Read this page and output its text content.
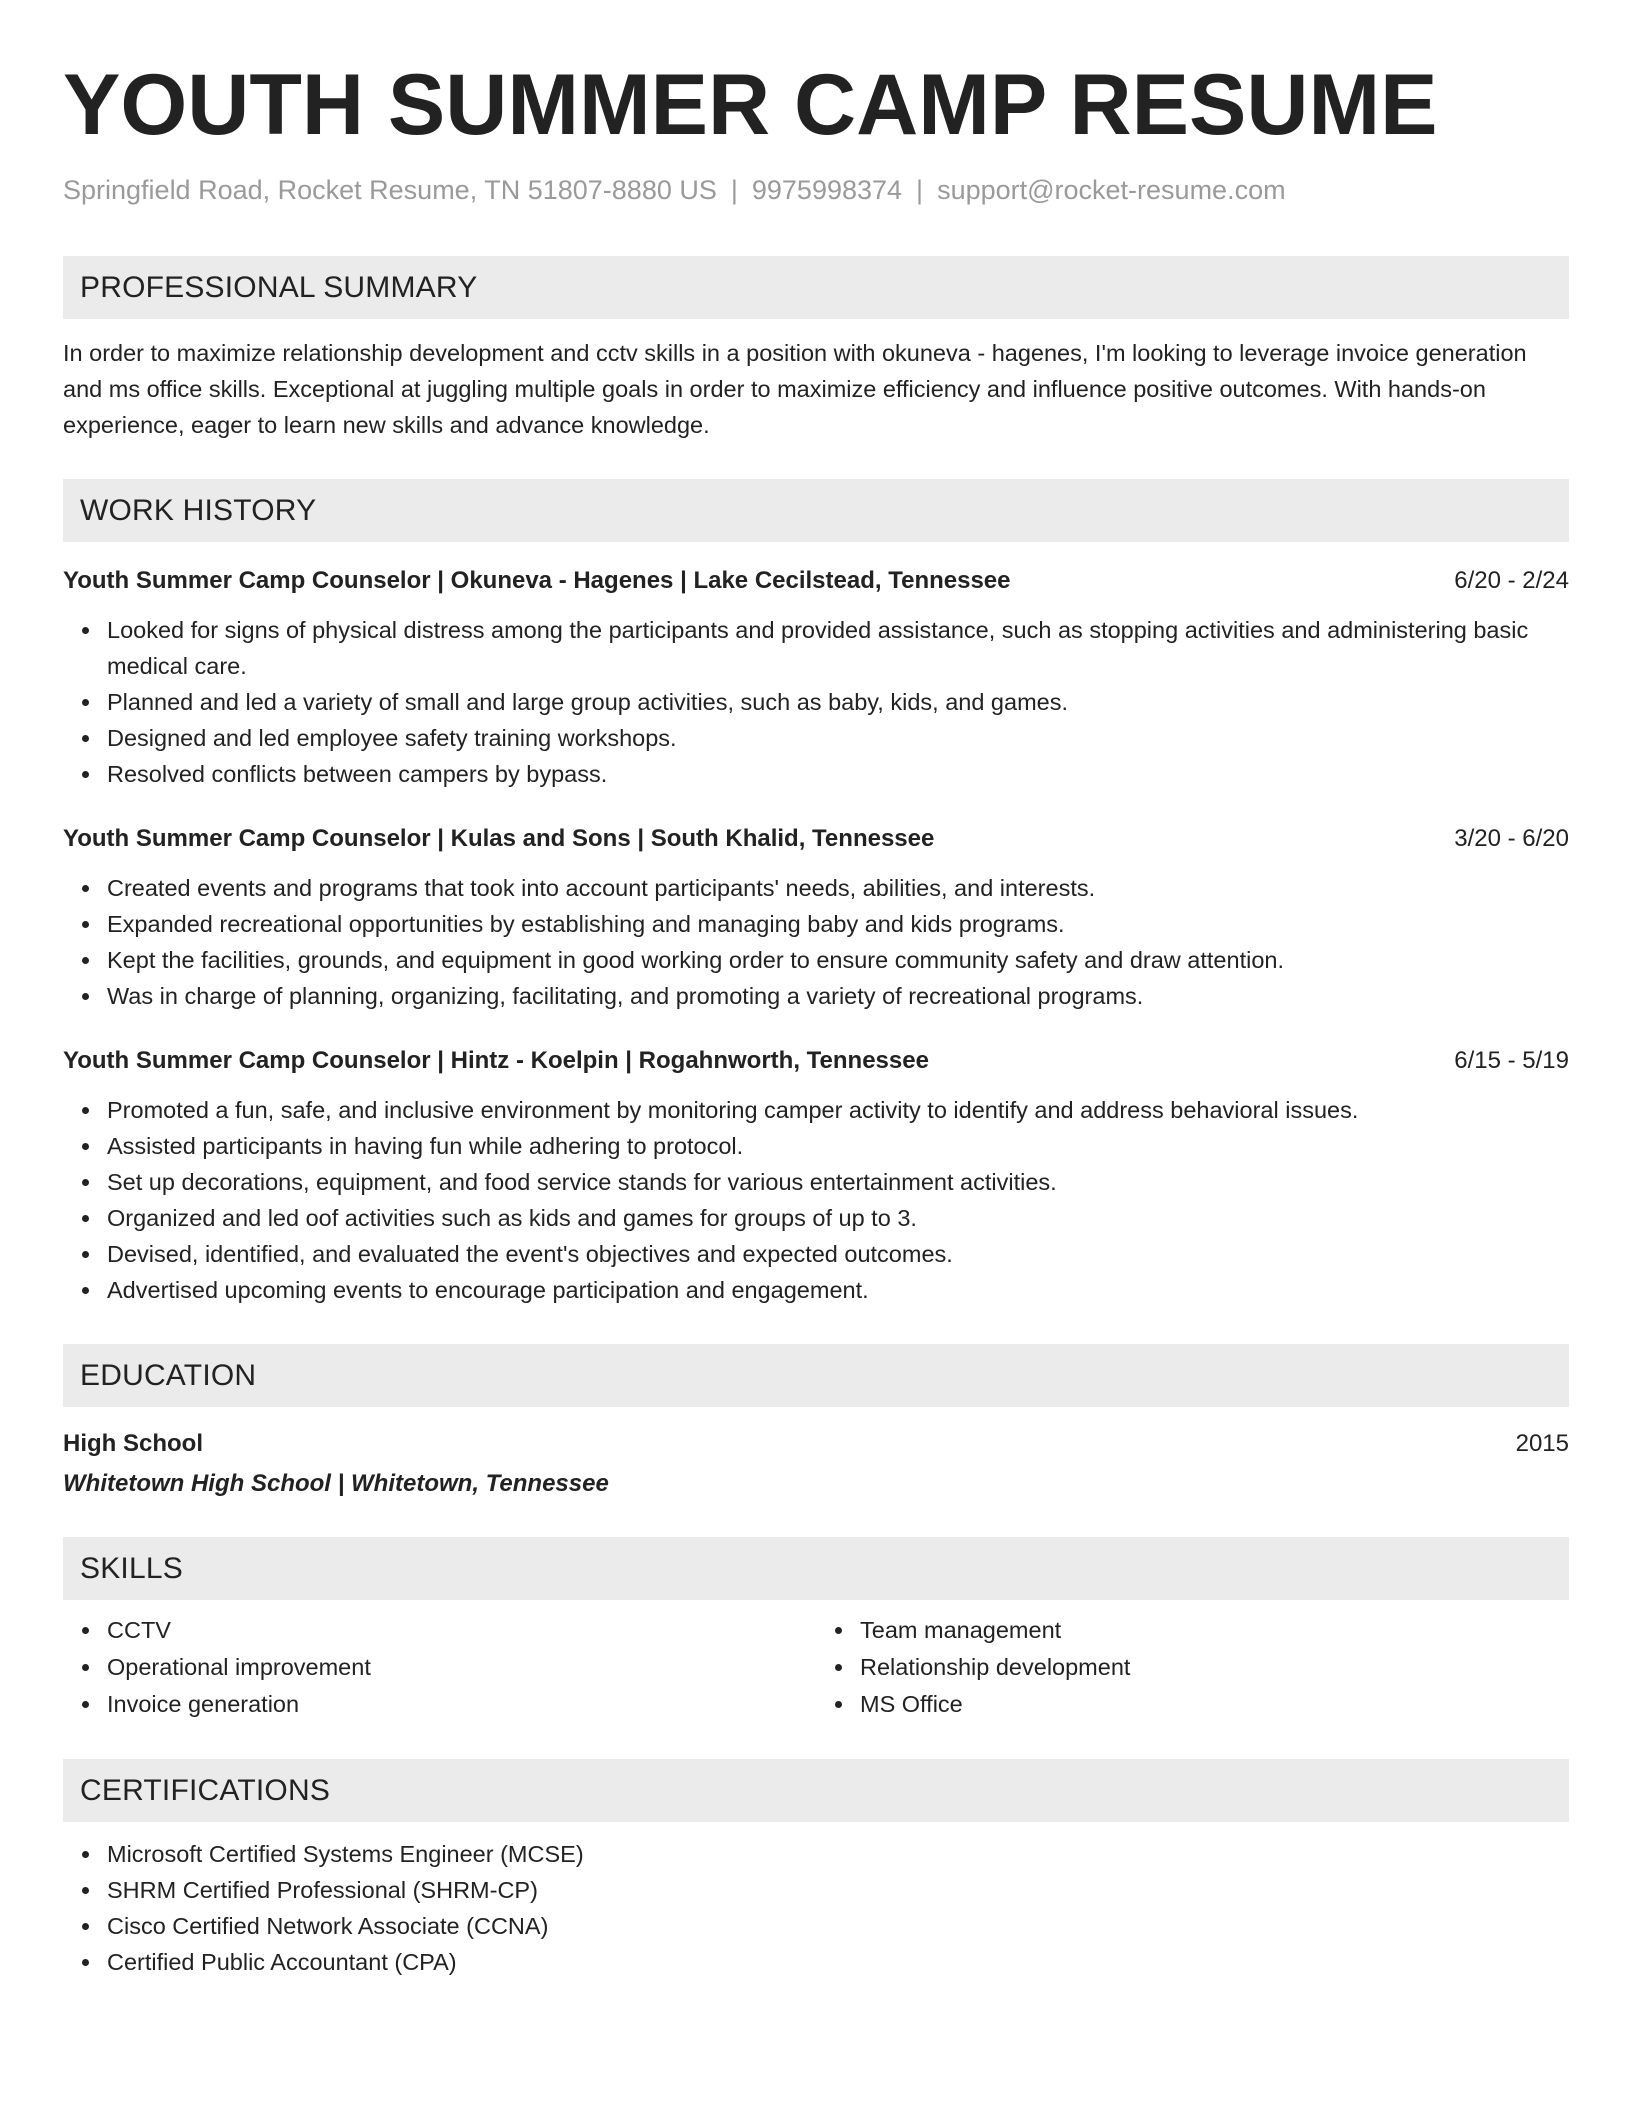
YOUTH SUMMER CAMP RESUME
Springfield Road, Rocket Resume, TN 51807-8880 US | 9975998374 | support@rocket-resume.com
PROFESSIONAL SUMMARY
In order to maximize relationship development and cctv skills in a position with okuneva - hagenes, I'm looking to leverage invoice generation and ms office skills. Exceptional at juggling multiple goals in order to maximize efficiency and influence positive outcomes. With hands-on experience, eager to learn new skills and advance knowledge.
WORK HISTORY
Youth Summer Camp Counselor | Okuneva - Hagenes | Lake Cecilstead, Tennessee	6/20 - 2/24
Looked for signs of physical distress among the participants and provided assistance, such as stopping activities and administering basic medical care.
Planned and led a variety of small and large group activities, such as baby, kids, and games.
Designed and led employee safety training workshops.
Resolved conflicts between campers by bypass.
Youth Summer Camp Counselor | Kulas and Sons | South Khalid, Tennessee	3/20 - 6/20
Created events and programs that took into account participants' needs, abilities, and interests.
Expanded recreational opportunities by establishing and managing baby and kids programs.
Kept the facilities, grounds, and equipment in good working order to ensure community safety and draw attention.
Was in charge of planning, organizing, facilitating, and promoting a variety of recreational programs.
Youth Summer Camp Counselor | Hintz - Koelpin | Rogahnworth, Tennessee	6/15 - 5/19
Promoted a fun, safe, and inclusive environment by monitoring camper activity to identify and address behavioral issues.
Assisted participants in having fun while adhering to protocol.
Set up decorations, equipment, and food service stands for various entertainment activities.
Organized and led oof activities such as kids and games for groups of up to 3.
Devised, identified, and evaluated the event's objectives and expected outcomes.
Advertised upcoming events to encourage participation and engagement.
EDUCATION
High School	2015
Whitetown High School | Whitetown, Tennessee
SKILLS
CCTV
Operational improvement
Invoice generation
Team management
Relationship development
MS Office
CERTIFICATIONS
Microsoft Certified Systems Engineer (MCSE)
SHRM Certified Professional (SHRM-CP)
Cisco Certified Network Associate (CCNA)
Certified Public Accountant (CPA)
